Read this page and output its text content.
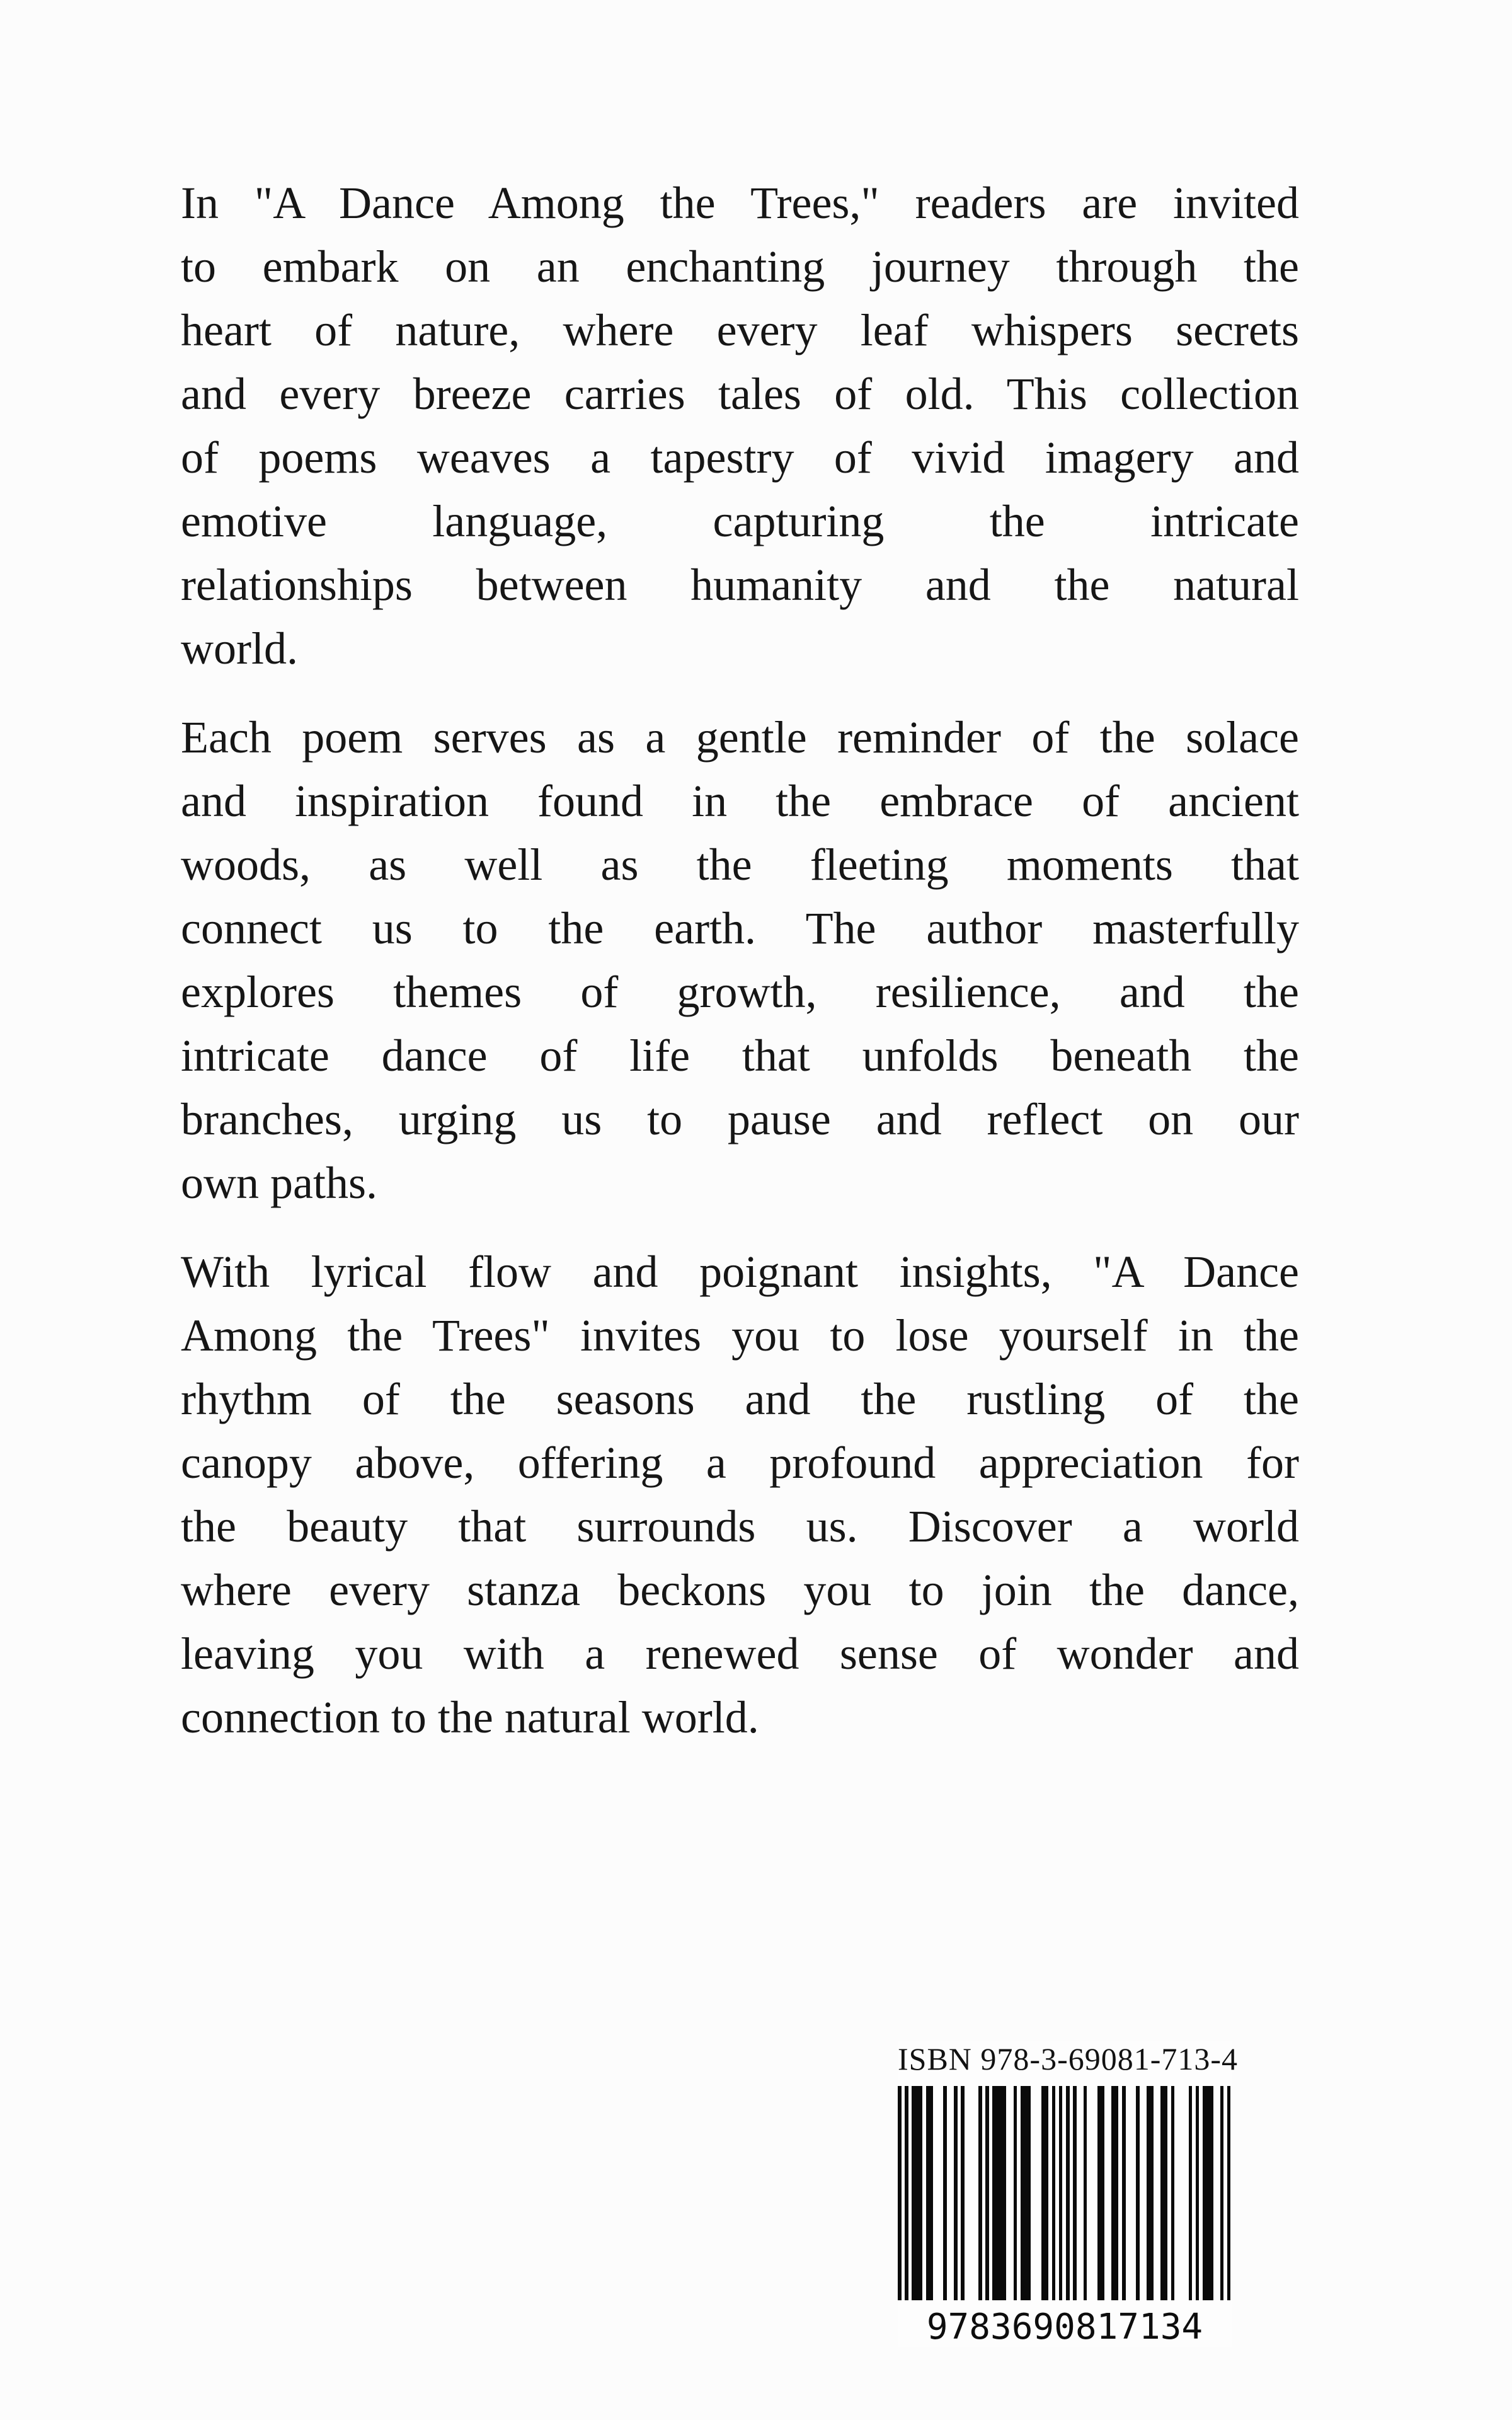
In "A Dance Among the Trees," readers are invited
to embark on an enchanting journey through the
heart of nature, where every leaf whispers secrets
and every breeze carries tales of old. This collection
of poems weaves a tapestry of vivid imagery and
emotive language, capturing the intricate
relationships between humanity and the natural
world.

Each poem serves as a gentle reminder of the solace
and inspiration found in the embrace of ancient
woods, as well as the fleeting moments that
connect us to the earth. The author masterfully
explores themes of growth, resilience, and the
intricate dance of life that unfolds beneath the
branches, urging us to pause and reflect on our
own paths.

With lyrical flow and poignant insights, "A Dance
Among the Trees" invites you to lose yourself in the
rhythm of the seasons and the rustling of the
canopy above, offering a profound appreciation for
the beauty that surrounds us. Discover a world
where every stanza beckons you to join the dance,
leaving you with a renewed sense of wonder and
connection to the natural world.

ISBN 978-3-69081-713-4
9783690817134
